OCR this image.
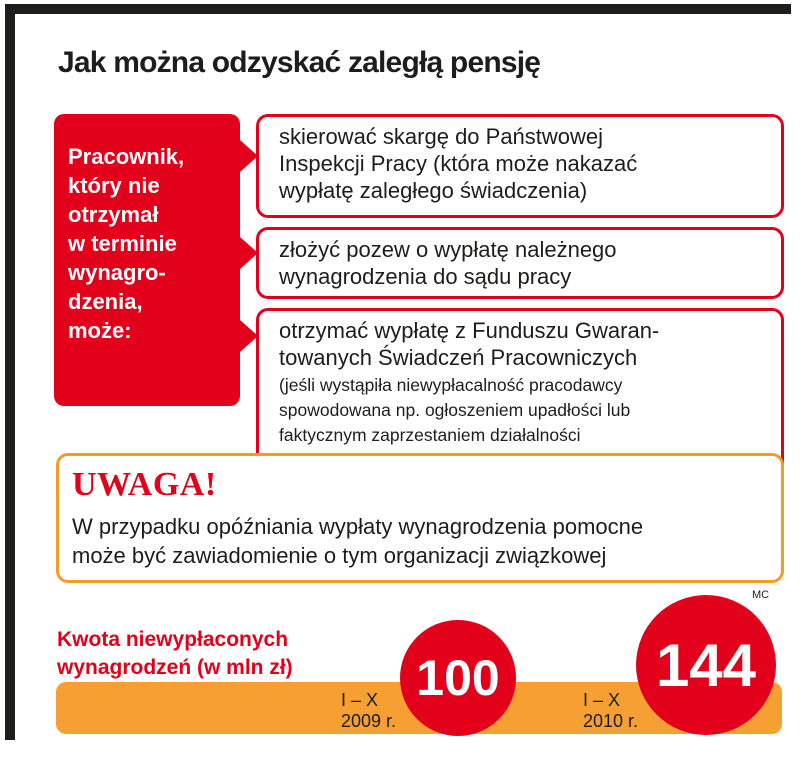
Jak można odzyskać zaległą pensję
Pracownik,
który nie
otrzymał
w terminie
wynagro-
dzenia,
może:
skierować skargę do Państwowej
Inspekcji Pracy (która może nakazać
wypłatę zaległego świadczenia)
złożyć pozew o wypłatę należnego
wynagrodzenia do sądu pracy
otrzymać wypłatę z Funduszu Gwaran-
towanych Świadczeń Pracowniczych
(jeśli wystąpiła niewypłacalność pracodawcy
spowodowana np. ogłoszeniem upadłości lub
faktycznym zaprzestaniem działalności

UWAGA!
W przypadku opóźniania wypłaty wynagrodzenia pomocne
może być zawiadomienie o tym organizacji związkowej
MC
Kwota niewypłaconych
wynagrodzeń (w mln zł)
I – X
2009 r.
I – X
2010 r.
100	144
